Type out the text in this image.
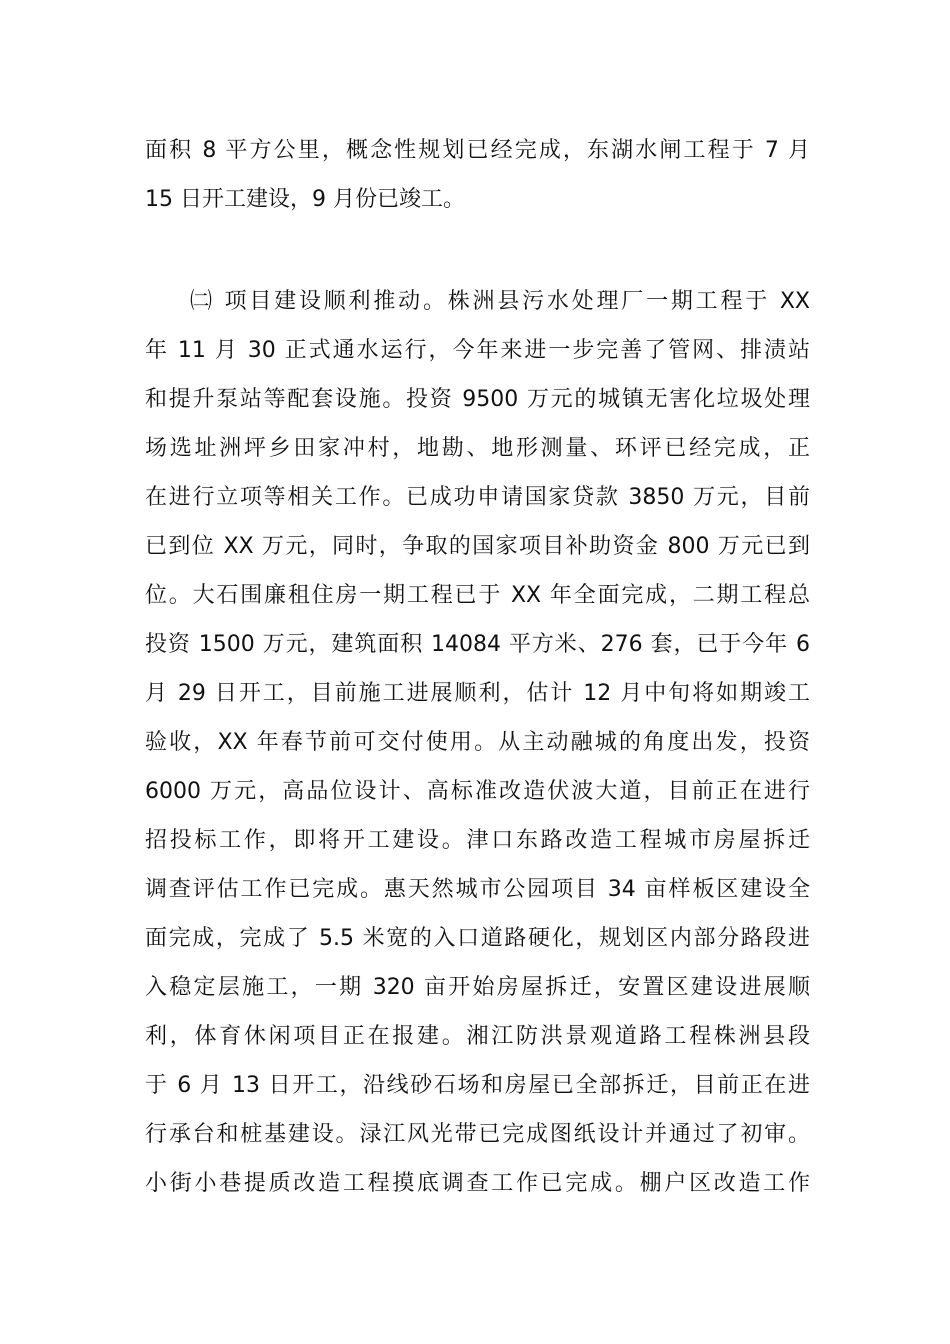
面积 8 平方公里，概念性规划已经完成，东湖水闸工程于 7 月
15 日开工建设，9 月份已竣工。
㈡ 项目建设顺利推动。株洲县污水处理厂一期工程于 XX
年 11 月 30 正式通水运行，今年来进一步完善了管网、排渍站
和提升泵站等配套设施。投资 9500 万元的城镇无害化垃圾处理
场选址洲坪乡田家冲村，地勘、地形测量、环评已经完成，正
在进行立项等相关工作。已成功申请国家贷款 3850 万元，目前
已到位 XX 万元，同时，争取的国家项目补助资金 800 万元已到
位。大石围廉租住房一期工程已于 XX 年全面完成，二期工程总
投资 1500 万元，建筑面积 14084 平方米、276 套，已于今年 6
月 29 日开工，目前施工进展顺利，估计 12 月中旬将如期竣工
验收，XX 年春节前可交付使用。从主动融城的角度出发，投资
6000 万元，高品位设计、高标准改造伏波大道，目前正在进行
招投标工作，即将开工建设。津口东路改造工程城市房屋拆迁
调查评估工作已完成。惠天然城市公园项目 34 亩样板区建设全
面完成，完成了 5.5 米宽的入口道路硬化，规划区内部分路段进
入稳定层施工，一期 320 亩开始房屋拆迁，安置区建设进展顺
利，体育休闲项目正在报建。湘江防洪景观道路工程株洲县段
于 6 月 13 日开工，沿线砂石场和房屋已全部拆迁，目前正在进
行承台和桩基建设。渌江风光带已完成图纸设计并通过了初审。
小街小巷提质改造工程摸底调查工作已完成。棚户区改造工作
